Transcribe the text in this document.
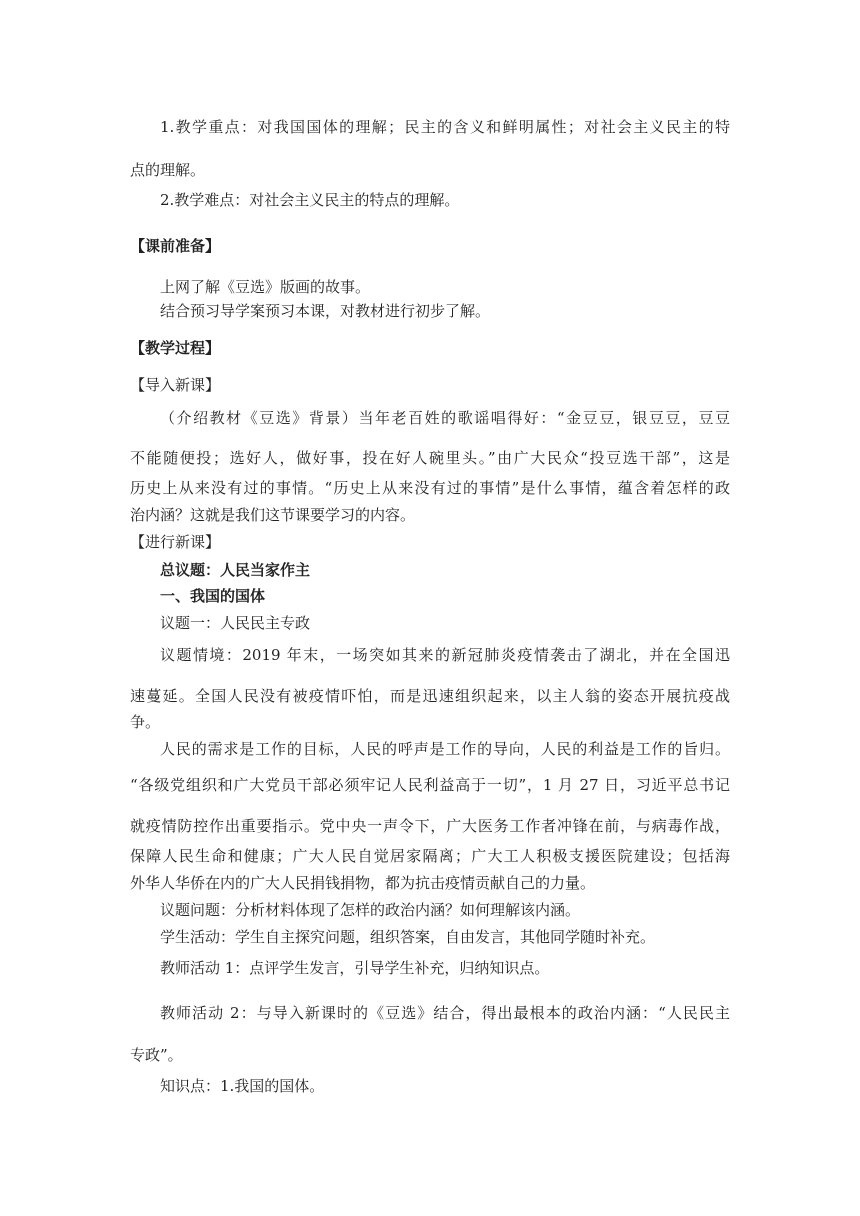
1.教学重点：对我国国体的理解；民主的含义和鲜明属性；对社会主义民主的特
点的理解。
2.教学难点：对社会主义民主的特点的理解。
【课前准备】
上网了解《豆选》版画的故事。
结合预习导学案预习本课，对教材进行初步了解。
【教学过程】
【导入新课】
（介绍教材《豆选》背景）当年老百姓的歌谣唱得好：“金豆豆，银豆豆，豆豆
不能随便投；选好人，做好事，投在好人碗里头。”由广大民众“投豆选干部”，这是
历史上从来没有过的事情。“历史上从来没有过的事情”是什么事情，蕴含着怎样的政
治内涵？这就是我们这节课要学习的内容。
【进行新课】
总议题：人民当家作主
一、我国的国体
议题一：人民民主专政
议题情境：2019 年末，一场突如其来的新冠肺炎疫情袭击了湖北，并在全国迅
速蔓延。全国人民没有被疫情吓怕，而是迅速组织起来，以主人翁的姿态开展抗疫战
争。
人民的需求是工作的目标，人民的呼声是工作的导向，人民的利益是工作的旨归。
“各级党组织和广大党员干部必须牢记人民利益高于一切”，1 月 27 日，习近平总书记
就疫情防控作出重要指示。党中央一声令下，广大医务工作者冲锋在前，与病毒作战，
保障人民生命和健康；广大人民自觉居家隔离；广大工人积极支援医院建设；包括海
外华人华侨在内的广大人民捐钱捐物，都为抗击疫情贡献自己的力量。
议题问题：分析材料体现了怎样的政治内涵？如何理解该内涵。
学生活动：学生自主探究问题，组织答案，自由发言，其他同学随时补充。
教师活动 1：点评学生发言，引导学生补充，归纳知识点。
教师活动 2：与导入新课时的《豆选》结合，得出最根本的政治内涵：“人民民主
专政”。
知识点：1.我国的国体。
